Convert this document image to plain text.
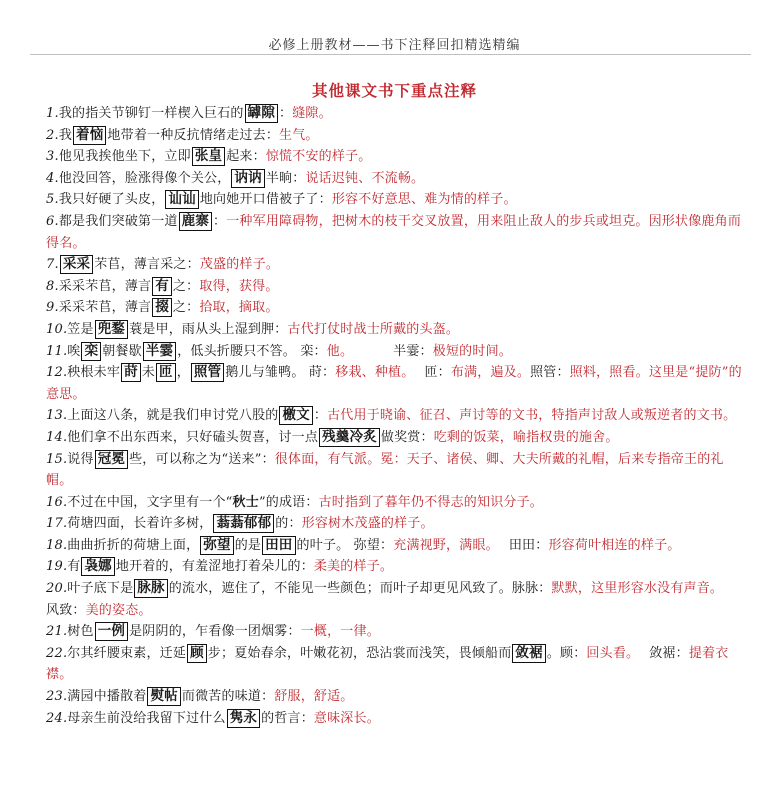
必修上册教材——书下注释回扣精选精编
其他课文书下重点注释

1.我的指关节铆钉一样楔入巨石的 罅隙 ：缝隙。

2.我 着恼 地带着一种反抗情绪走过去：生气。

3.他见我挨他坐下，立即 张皇 起来：惊慌不安的样子。

4.他没回答，脸涨得像个关公， 讷讷 半晌：说话迟钝、不流畅。

5.我只好硬了头皮， 讪讪 地向她开口借被子了：形容不好意思、难为情的样子。

6.都是我们突破第一道 鹿寨 ：一种军用障碍物，把树木的枝干交叉放置，用来阻止敌人的步兵或坦克。因形状像鹿角而得名。

7. 采采 芣苢，薄言采之：茂盛的样子。

8.采采芣苢，薄言 有 之：取得，获得。

9.采采芣苢，薄言 掇 之：拾取，摘取。

10.笠是 兜鍪 蓑是甲，雨从头上湿到胛：古代打仗时战士所戴的头盔。

11.唉 栾 朝餐歇 半霎 ，低头折腰只不答。 栾：他。	半霎：极短的时间。

12.秧根未牢 莳 未 匝 ， 照管 鹅儿与雏鸭。 莳：移栽、种植。 匝：布满，遍及。照管：照料，照看。这里是“提防”的意思。

13.上面这八条，就是我们申讨党八股的 檄文 ：古代用于晓谕、征召、声讨等的文书，特指声讨敌人或叛逆者的文书。

14.他们拿不出东西来，只好磕头贺喜，讨一点 残羹冷炙 做奖赏：吃剩的饭菜，喻指权贵的施舍。

15.说得 冠冕 些，可以称之为“送来”：很体面，有气派。冕：天子、诸侯、卿、大夫所戴的礼帽，后来专指帝王的礼帽。

16.不过在中国，文字里有一个“秋士”的成语：古时指到了暮年仍不得志的知识分子。

17.荷塘四面，长着许多树， 蓊蓊郁郁 的：形容树木茂盛的样子。

18.曲曲折折的荷塘上面， 弥望 的是 田田 的叶子。 弥望：充满视野，满眼。 田田：形容荷叶相连的样子。

19.有 袅娜 地开着的，有羞涩地打着朵儿的：柔美的样子。

20.叶子底下是 脉脉 的流水，遮住了，不能见一些颜色；而叶子却更见风致了。脉脉：默默，这里形容水没有声音。风致：美的姿态。

21.树色 一例 是阴阴的，乍看像一团烟雾：一概，一律。

22.尔其纤腰束素，迁延 顾 步；夏始春余，叶嫩花初，恐沾裳而浅笑，畏倾船而 敛裾 。顾：回头看。 敛裾：提着衣襟。

23.满园中播散着 熨帖 而微苦的味道：舒服，舒适。

24.母亲生前没给我留下过什么 隽永 的哲言：意味深长。
